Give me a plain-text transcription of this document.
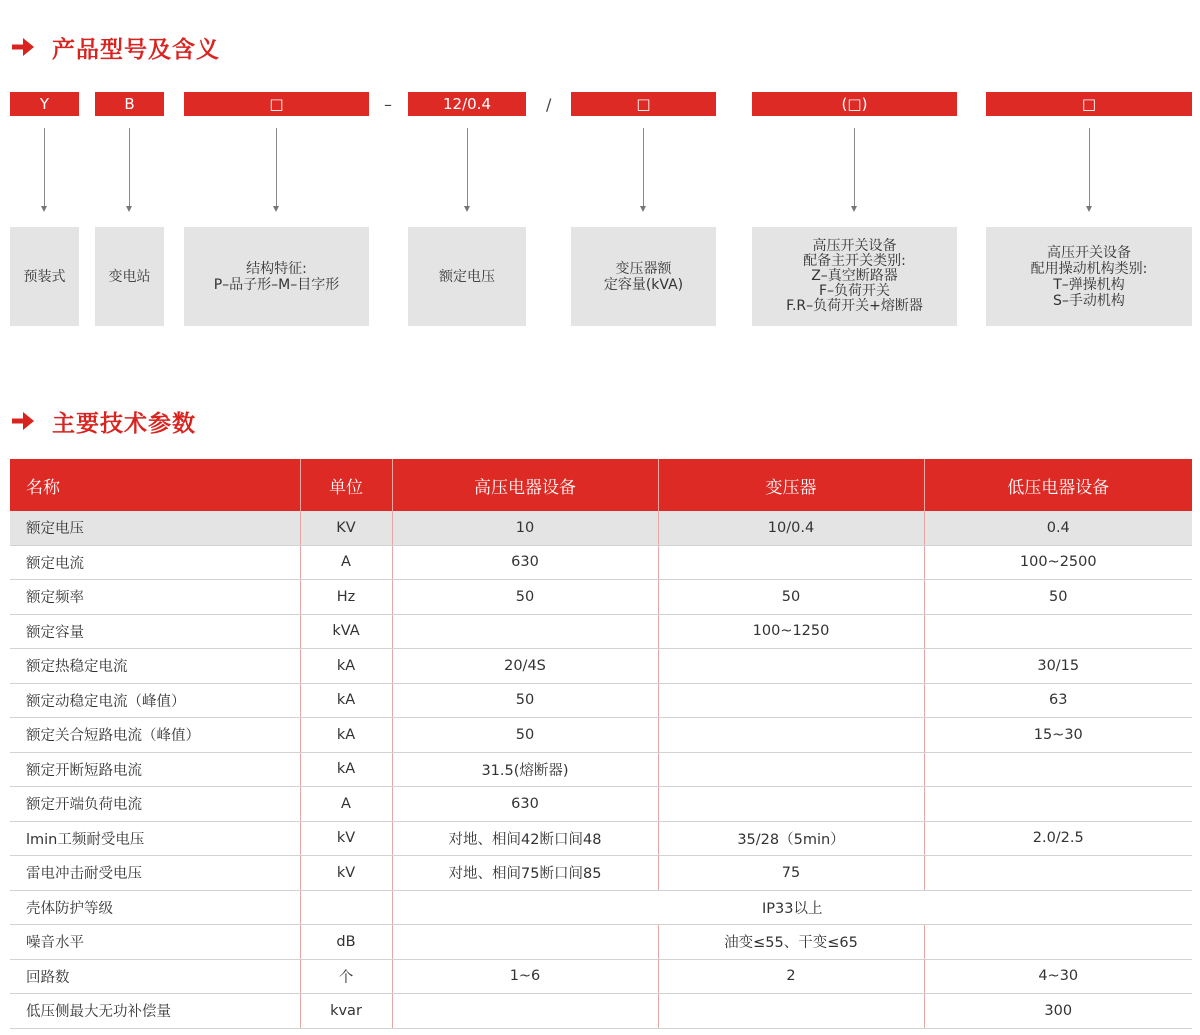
产品型号及含义
Y	B	□	–	12/0.4	/	□	(□)	□
预装式	变电站	结构特征:
P–品子形–M–目字形	额定电压	变压器额
定容量(kVA)
高压开关设备
配备主开关类别:
Z–真空断路器
F–负荷开关
F.R–负荷开关+熔断器
高压开关设备
配用操动机构类别:
T–弹操机构
S–手动机构
主要技术参数
名称	单位	高压电器设备	变压器	低压电器设备
额定电压	KV	10	10/0.4	0.4
额定电流	A	630		100~2500
额定频率	Hz	50	50	50
额定容量	kVA		100~1250	
额定热稳定电流	kA	20/4S		30/15
额定动稳定电流（峰值）	kA	50		63
额定关合短路电流（峰值）	kA	50		15~30
额定开断短路电流	kA	31.5(熔断器)		
额定开端负荷电流	A	630		
lmin工频耐受电压	kV	对地、相间42断口间48	35/28（5min）	2.0/2.5
雷电冲击耐受电压	kV	对地、相间75断口间85	75	
壳体防护等级		IP33以上		
噪音水平	dB		油变≤55、干变≤65	
回路数	个	1~6	2	4~30
低压侧最大无功补偿量	kvar			300
